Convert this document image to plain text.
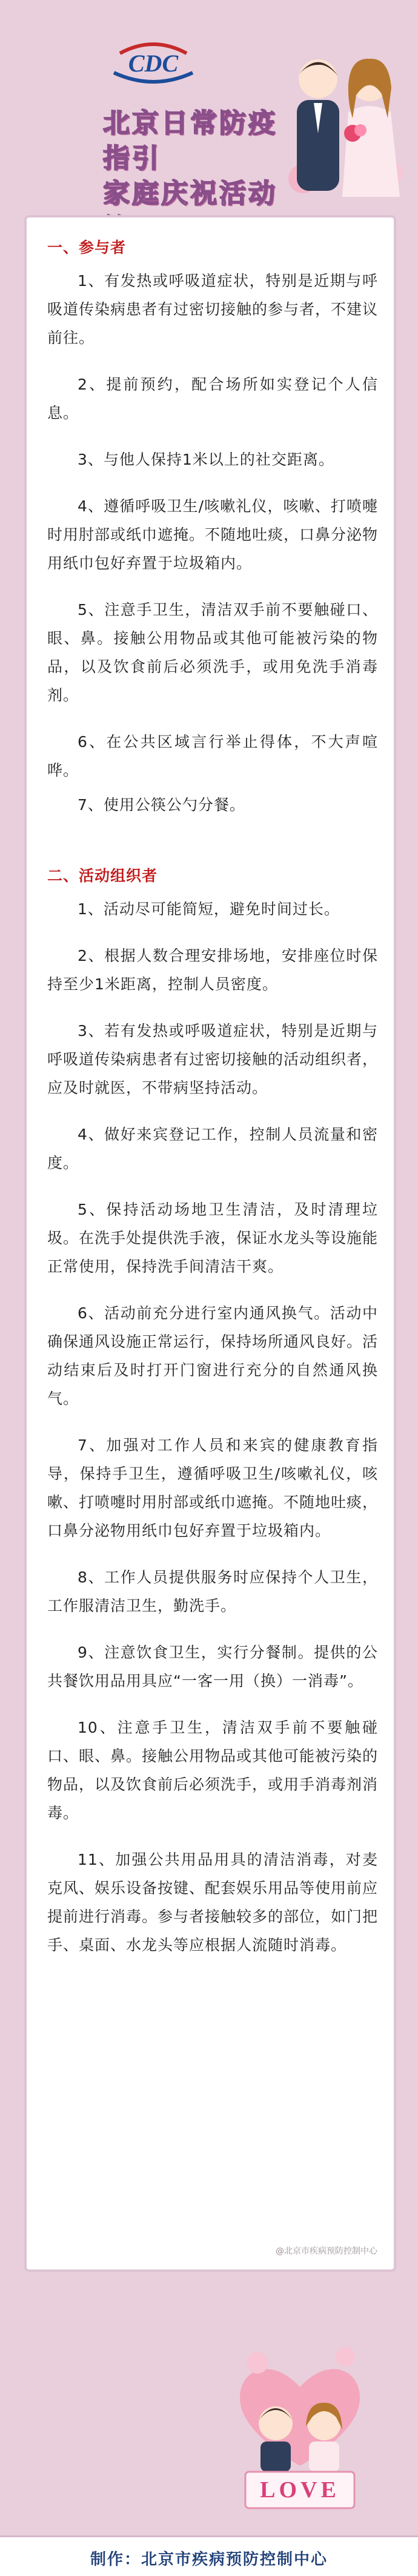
CDC
北京日常防疫指引
家庭庆祝活动
一、参与者
1、有发热或呼吸道症状，特别是近期与呼吸道传染病患者有过密切接触的参与者，不建议前往。
2、提前预约，配合场所如实登记个人信息。
3、与他人保持1米以上的社交距离。
4、遵循呼吸卫生/咳嗽礼仪，咳嗽、打喷嚏时用肘部或纸巾遮掩。不随地吐痰，口鼻分泌物用纸巾包好弃置于垃圾箱内。
5、注意手卫生，清洁双手前不要触碰口、眼、鼻。接触公用物品或其他可能被污染的物品，以及饮食前后必须洗手，或用免洗手消毒剂。
6、在公共区域言行举止得体，不大声喧哗。
7、使用公筷公勺分餐。
二、活动组织者
1、活动尽可能简短，避免时间过长。
2、根据人数合理安排场地，安排座位时保持至少1米距离，控制人员密度。
3、若有发热或呼吸道症状，特别是近期与呼吸道传染病患者有过密切接触的活动组织者，应及时就医，不带病坚持活动。
4、做好来宾登记工作，控制人员流量和密度。
5、保持活动场地卫生清洁，及时清理垃圾。在洗手处提供洗手液，保证水龙头等设施能正常使用，保持洗手间清洁干爽。
6、活动前充分进行室内通风换气。活动中确保通风设施正常运行，保持场所通风良好。活动结束后及时打开门窗进行充分的自然通风换气。
7、加强对工作人员和来宾的健康教育指导，保持手卫生，遵循呼吸卫生/咳嗽礼仪，咳嗽、打喷嚏时用肘部或纸巾遮掩。不随地吐痰，口鼻分泌物用纸巾包好弃置于垃圾箱内。
8、工作人员提供服务时应保持个人卫生，工作服清洁卫生，勤洗手。
9、注意饮食卫生，实行分餐制。提供的公共餐饮用品用具应“一客一用（换）一消毒”。
10、注意手卫生，清洁双手前不要触碰口、眼、鼻。接触公用物品或其他可能被污染的物品，以及饮食前后必须洗手，或用手消毒剂消毒。
11、加强公共用品用具的清洁消毒，对麦克风、娱乐设备按键、配套娱乐用品等使用前应提前进行消毒。参与者接触较多的部位，如门把手、桌面、水龙头等应根据人流随时消毒。
@北京市疾病预防控制中心
LOVE
制作：北京市疾病预防控制中心
